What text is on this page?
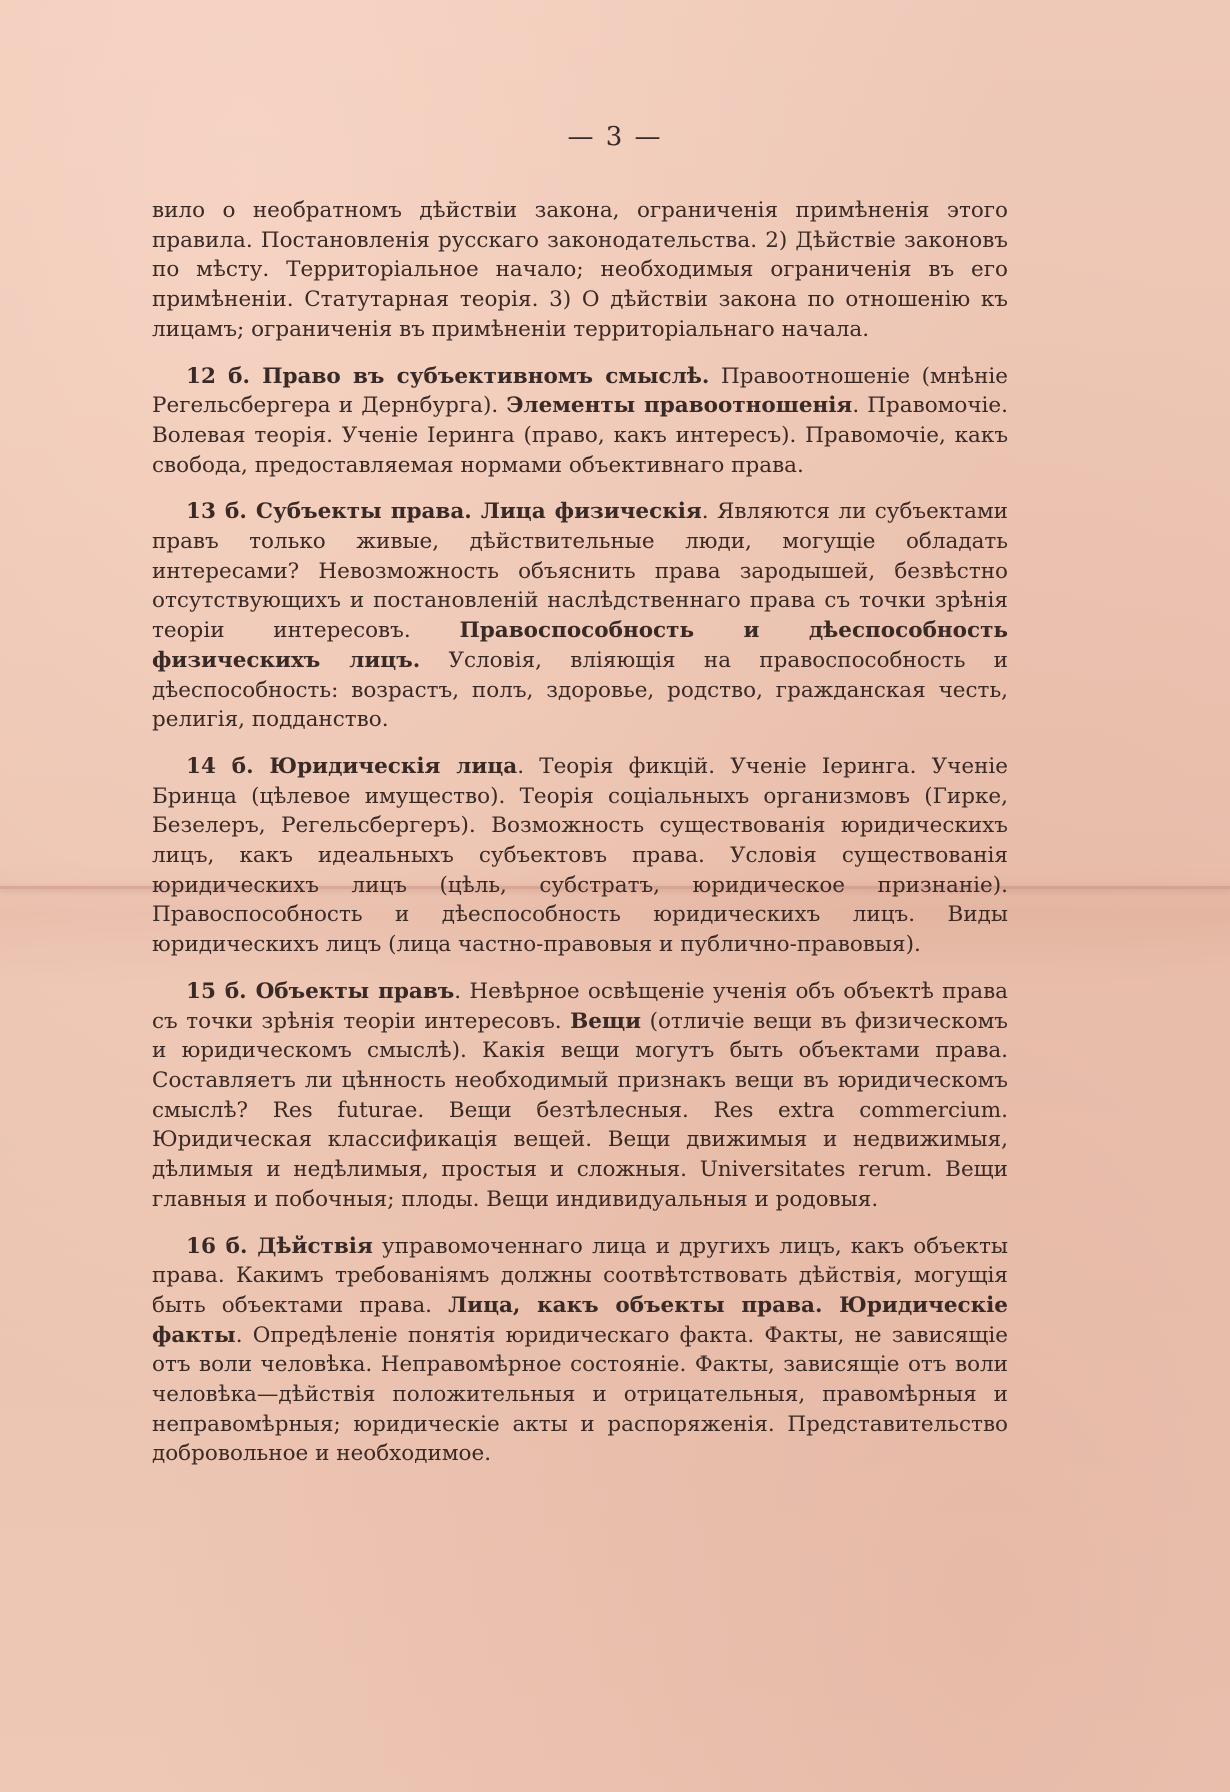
— 3 —

вило о необратномъ дѣйствіи закона, ограниченія примѣненія этого правила. Постановленія русскаго законодательства. 2) Дѣйствіе законовъ по мѣсту. Территоріальное начало; необходимыя ограниченія въ его примѣненіи. Статутарная теорія. 3) О дѣйствіи закона по отношенію къ лицамъ; ограниченія въ примѣненіи территоріальнаго начала.

12 б. Право въ субъективномъ смыслѣ. Правоотношеніе (мнѣніе Регельсбергера и Дернбурга). Элементы правоотношенія. Правомочіе. Волевая теорія. Ученіе Іеринга (право, какъ интересъ). Правомочіе, какъ свобода, предоставляемая нормами объективнаго права.

13 б. Субъекты права. Лица физическія. Являются ли субъектами правъ только живые, дѣйствительные люди, могущіе обладать интересами? Невозможность объяснить права зародышей, безвѣстно отсутствующихъ и постановленій наслѣдственнаго права съ точки зрѣнія теоріи интересовъ. Правоспособность и дѣеспособность физическихъ лицъ. Условія, вліяющія на правоспособность и дѣеспособность: возрастъ, полъ, здоровье, родство, гражданская честь, религія, подданство.

14 б. Юридическія лица. Теорія фикцій. Ученіе Іеринга. Ученіе Бринца (цѣлевое имущество). Теорія соціальныхъ организмовъ (Гирке, Безелеръ, Регельсбергеръ). Возможность существованія юридическихъ лицъ, какъ идеальныхъ субъектовъ права. Условія существованія юридическихъ лицъ (цѣль, субстратъ, юридическое признаніе). Правоспособность и дѣеспособность юридическихъ лицъ. Виды юридическихъ лицъ (лица частно-правовыя и публично-правовыя).

15 б. Объекты правъ. Невѣрное освѣщеніе ученія объ объектѣ права съ точки зрѣнія теоріи интересовъ. Вещи (отличіе вещи въ физическомъ и юридическомъ смыслѣ). Какія вещи могутъ быть объектами права. Составляетъ ли цѣнность необходимый признакъ вещи въ юридическомъ смыслѣ? Res futurae. Вещи безтѣлесныя. Res extra commercium. Юридическая классификація вещей. Вещи движимыя и недвижимыя, дѣлимыя и недѣлимыя, простыя и сложныя. Universitates rerum. Вещи главныя и побочныя; плоды. Вещи индивидуальныя и родовыя.

16 б. Дѣйствія управомоченнаго лица и другихъ лицъ, какъ объекты права. Какимъ требованіямъ должны соотвѣтствовать дѣйствія, могущія быть объектами права. Лица, какъ объекты права. Юридическіе факты. Опредѣленіе понятія юридическаго факта. Факты, не зависящіе отъ воли человѣка. Неправомѣрное состояніе. Факты, зависящіе отъ воли человѣка—дѣйствія положительныя и отрицательныя, правомѣрныя и неправомѣрныя; юридическіе акты и распоряженія. Представительство добровольное и необходимое.
